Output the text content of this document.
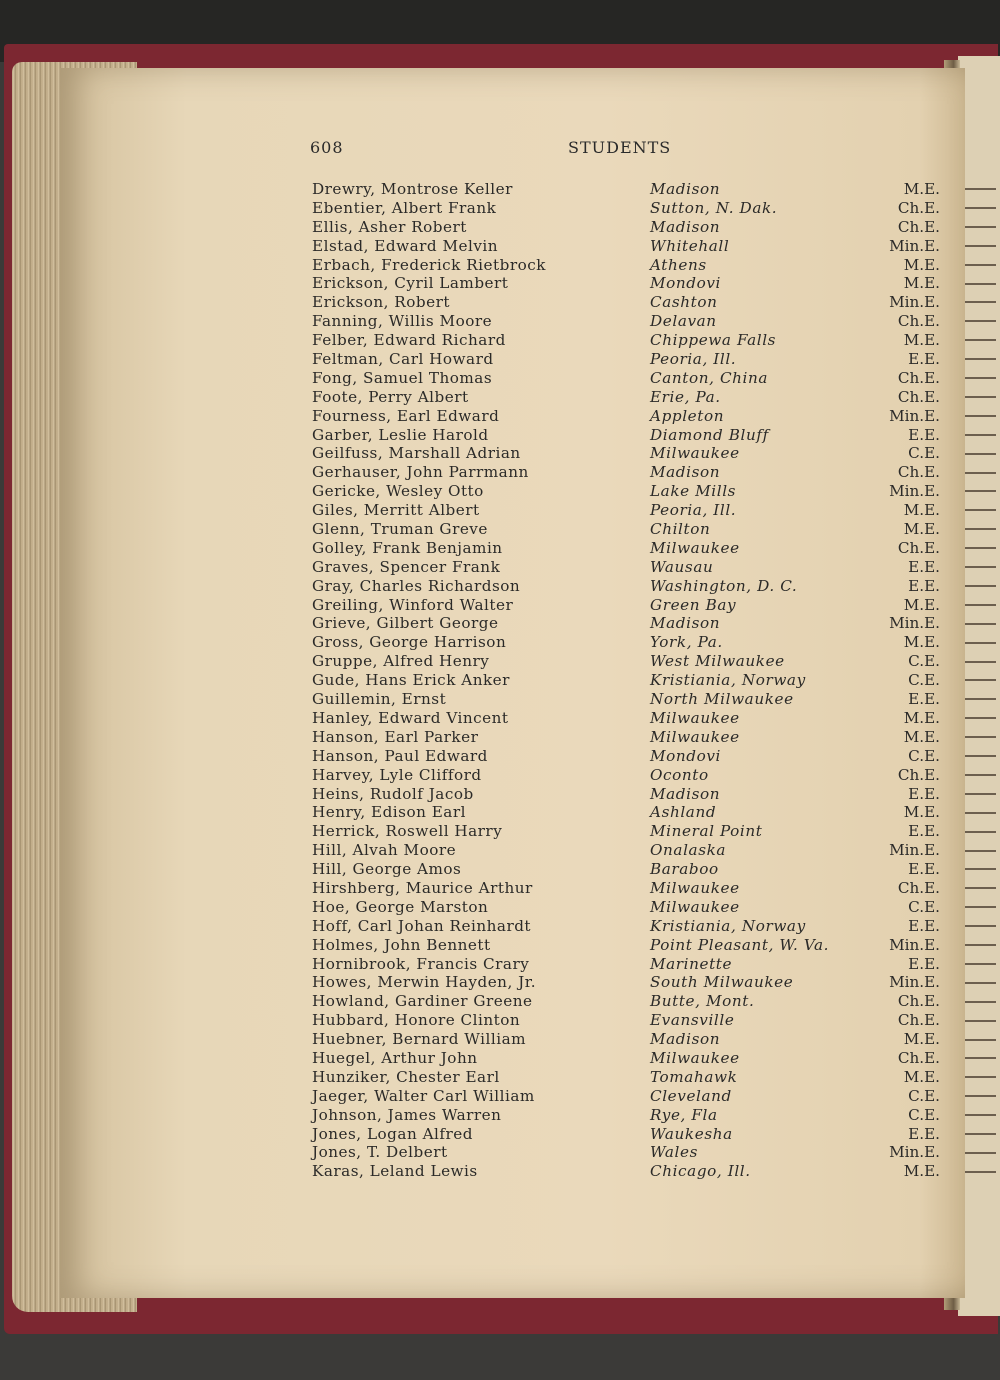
608	STUDENTS
Drewry, Montrose Keller	Madison	M.E.
Ebentier, Albert Frank	Sutton, N. Dak.	Ch.E.
Ellis, Asher Robert	Madison	Ch.E.
Elstad, Edward Melvin	Whitehall	Min.E.
Erbach, Frederick Rietbrock	Athens	M.E.
Erickson, Cyril Lambert	Mondovi	M.E.
Erickson, Robert	Cashton	Min.E.
Fanning, Willis Moore	Delavan	Ch.E.
Felber, Edward Richard	Chippewa Falls	M.E.
Feltman, Carl Howard	Peoria, Ill.	E.E.
Fong, Samuel Thomas	Canton, China	Ch.E.
Foote, Perry Albert	Erie, Pa.	Ch.E.
Fourness, Earl Edward	Appleton	Min.E.
Garber, Leslie Harold	Diamond Bluff	E.E.
Geilfuss, Marshall Adrian	Milwaukee	C.E.
Gerhauser, John Parrmann	Madison	Ch.E.
Gericke, Wesley Otto	Lake Mills	Min.E.
Giles, Merritt Albert	Peoria, Ill.	M.E.
Glenn, Truman Greve	Chilton	M.E.
Golley, Frank Benjamin	Milwaukee	Ch.E.
Graves, Spencer Frank	Wausau	E.E.
Gray, Charles Richardson	Washington, D. C.	E.E.
Greiling, Winford Walter	Green Bay	M.E.
Grieve, Gilbert George	Madison	Min.E.
Gross, George Harrison	York, Pa.	M.E.
Gruppe, Alfred Henry	West Milwaukee	C.E.
Gude, Hans Erick Anker	Kristiania, Norway	C.E.
Guillemin, Ernst	North Milwaukee	E.E.
Hanley, Edward Vincent	Milwaukee	M.E.
Hanson, Earl Parker	Milwaukee	M.E.
Hanson, Paul Edward	Mondovi	C.E.
Harvey, Lyle Clifford	Oconto	Ch.E.
Heins, Rudolf Jacob	Madison	E.E.
Henry, Edison Earl	Ashland	M.E.
Herrick, Roswell Harry	Mineral Point	E.E.
Hill, Alvah Moore	Onalaska	Min.E.
Hill, George Amos	Baraboo	E.E.
Hirshberg, Maurice Arthur	Milwaukee	Ch.E.
Hoe, George Marston	Milwaukee	C.E.
Hoff, Carl Johan Reinhardt	Kristiania, Norway	E.E.
Holmes, John Bennett	Point Pleasant, W. Va.	Min.E.
Hornibrook, Francis Crary	Marinette	E.E.
Howes, Merwin Hayden, Jr.	South Milwaukee	Min.E.
Howland, Gardiner Greene	Butte, Mont.	Ch.E.
Hubbard, Honore Clinton	Evansville	Ch.E.
Huebner, Bernard William	Madison	M.E.
Huegel, Arthur John	Milwaukee	Ch.E.
Hunziker, Chester Earl	Tomahawk	M.E.
Jaeger, Walter Carl William	Cleveland	C.E.
Johnson, James Warren	Rye, Fla	C.E.
Jones, Logan Alfred	Waukesha	E.E.
Jones, T. Delbert	Wales	Min.E.
Karas, Leland Lewis	Chicago, Ill.	M.E.
